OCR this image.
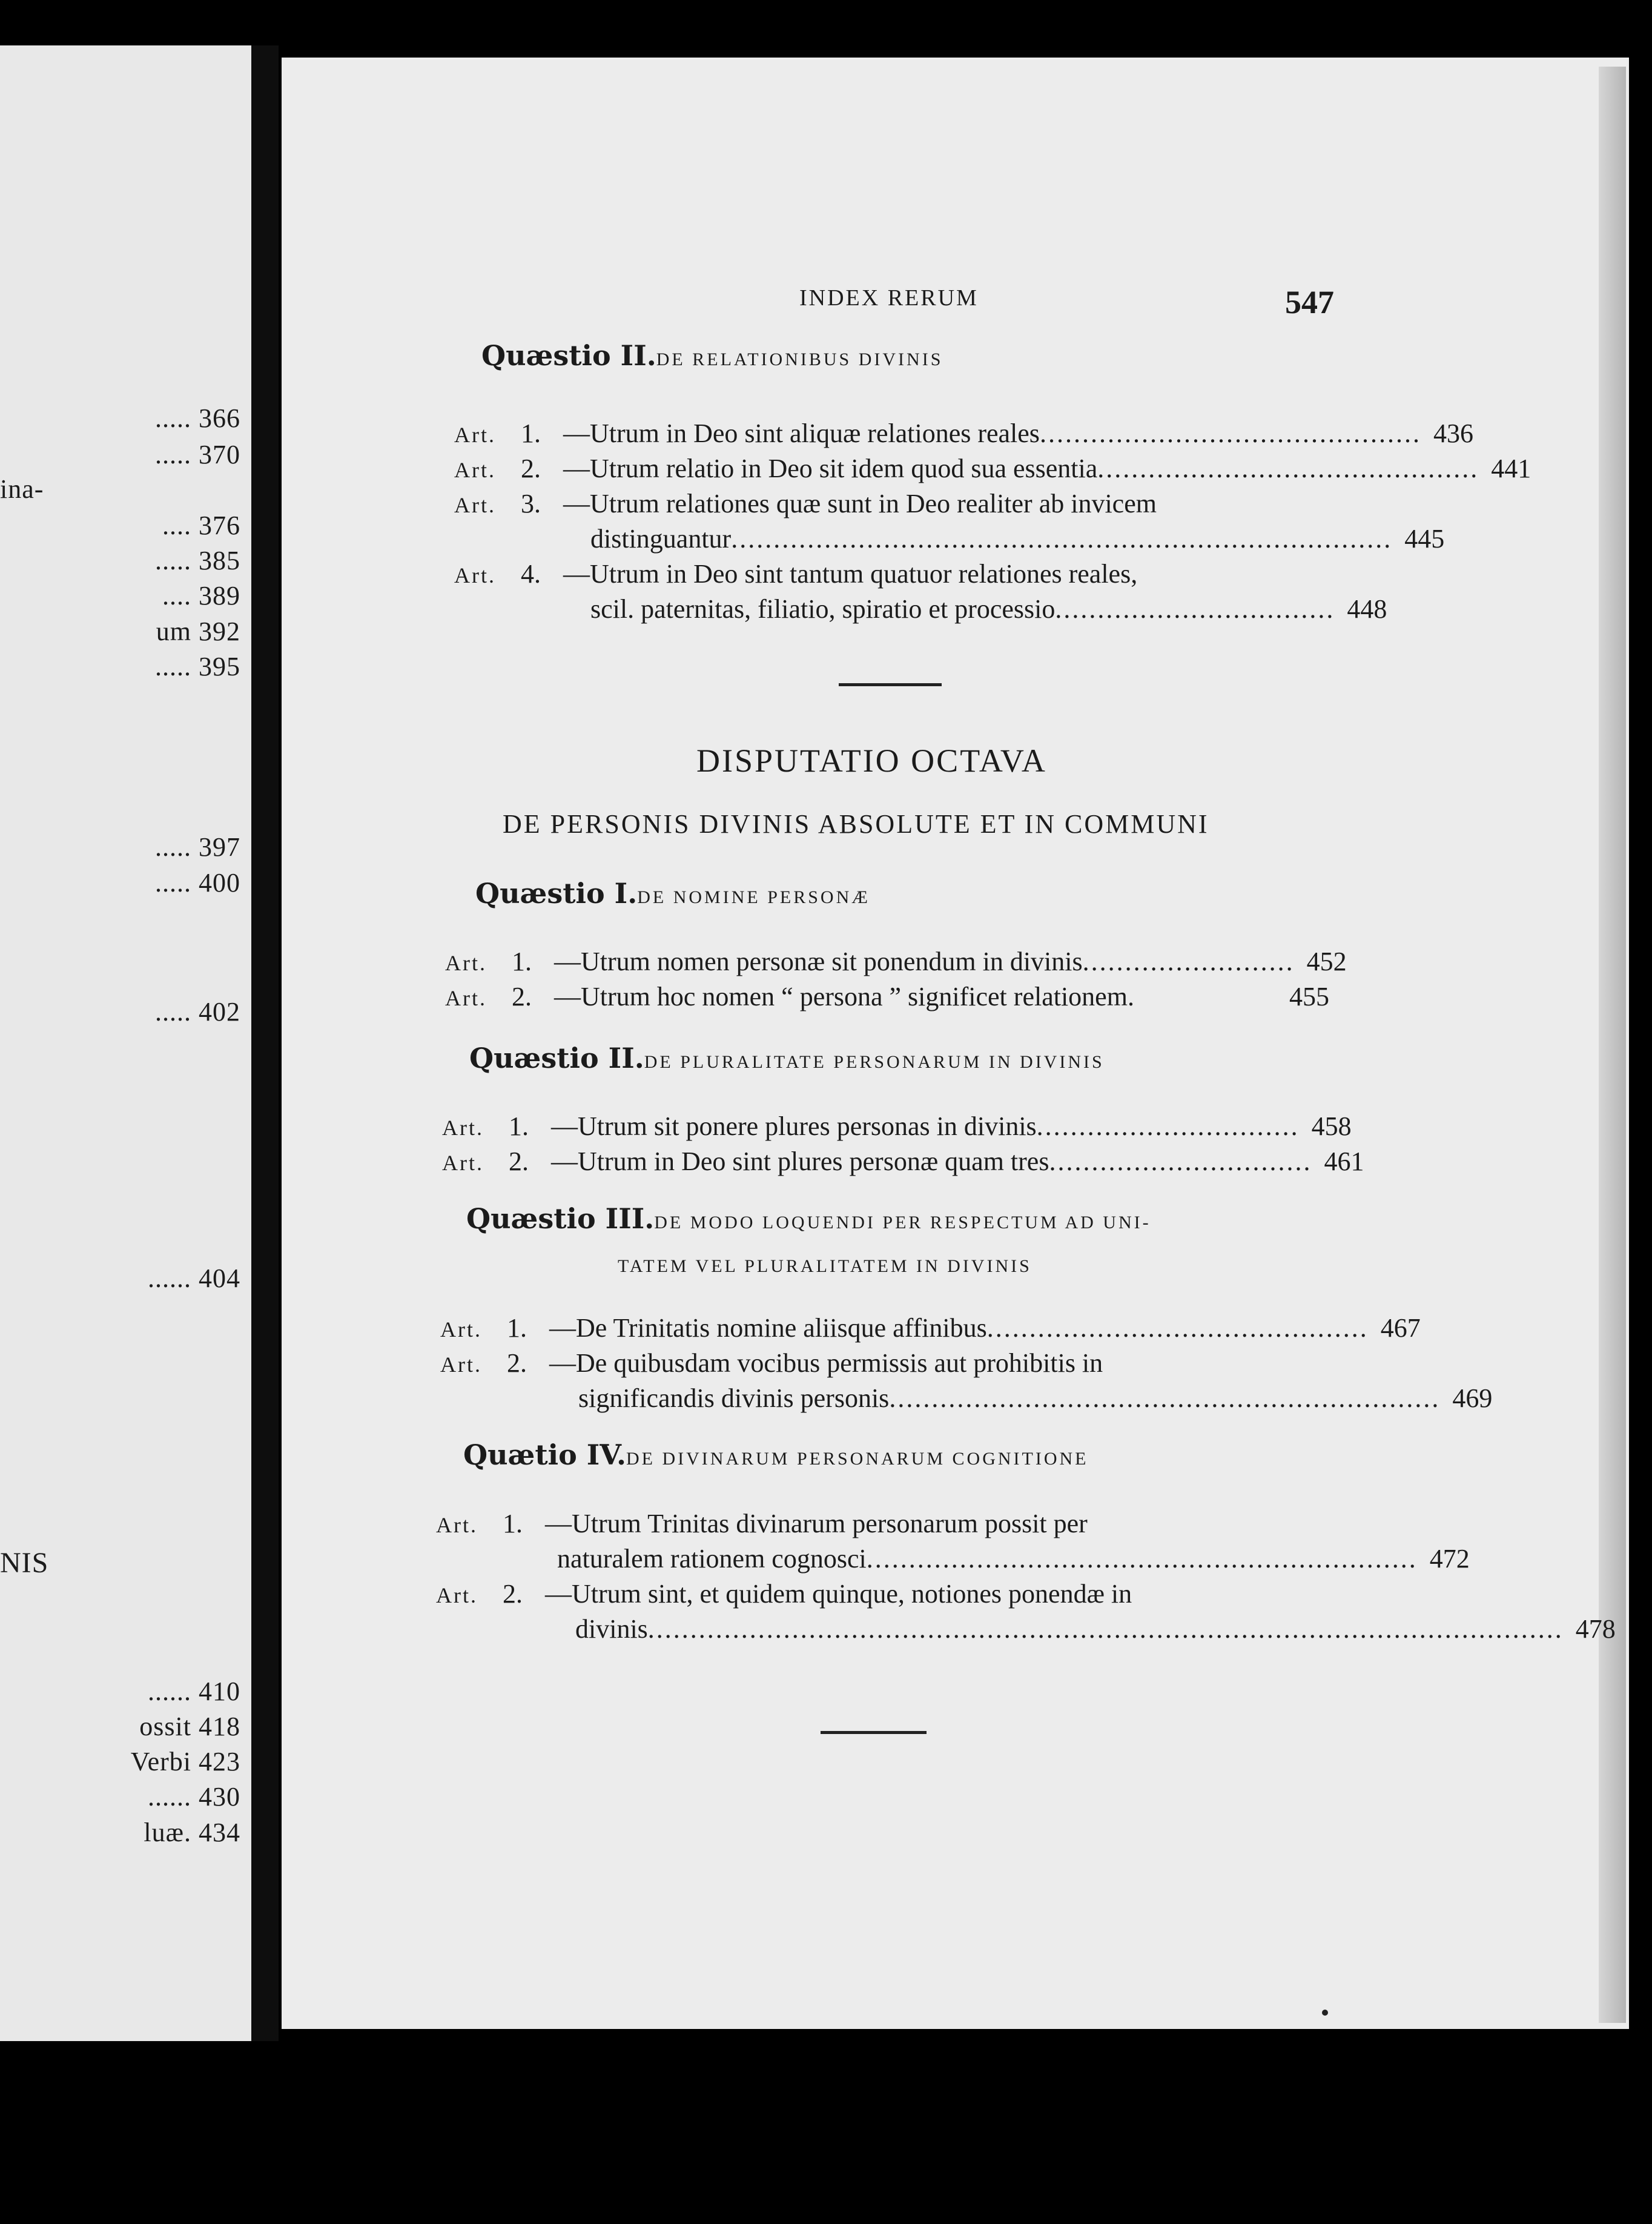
..... 366
..... 370
ina-
.... 376
..... 385
.... 389
um 392
..... 395
..... 397
..... 400
..... 402
...... 404
NIS
...... 410
ossit 418
Verbi 423
...... 430
luæ. 434
INDEX RERUM	547
Quæstio II.DE RELATIONIBUS DIVINIS
Art. 1. —Utrum in Deo sint aliquæ relationes reales ............................................. 436
Art. 2. —Utrum relatio in Deo sit idem quod sua essentia ............................................. 441
Art. 3. —Utrum relationes quæ sunt in Deo realiter ab invicem
distinguantur .............................................................................. 445
Art. 4. —Utrum in Deo sint tantum quatuor relationes reales,
scil. paternitas, filiatio, spiratio et processio ................................. 448
DISPUTATIO OCTAVA
DE PERSONIS DIVINIS ABSOLUTE ET IN COMMUNI
Quæstio I.DE NOMINE PERSONÆ
Art. 1. —Utrum nomen personæ sit ponendum in divinis ......................... 452
Art. 2. —Utrum hoc nomen “ persona ” significet relationem .	455
Quæstio II.DE PLURALITATE PERSONARUM IN DIVINIS
Art. 1. —Utrum sit ponere plures personas in divinis ............................... 458
Art. 2. —Utrum in Deo sint plures personæ quam tres ............................... 461
Quæstio III.DE MODO LOQUENDI PER RESPECTUM AD UNI-
TATEM VEL PLURALITATEM IN DIVINIS
Art. 1. —De Trinitatis nomine aliisque affinibus ............................................. 467
Art. 2. —De quibusdam vocibus permissis aut prohibitis in
significandis divinis personis ................................................................. 469
Quætio IV.DE DIVINARUM PERSONARUM COGNITIONE
Art. 1. —Utrum Trinitas divinarum personarum possit per
naturalem rationem cognosci ................................................................. 472
Art. 2. —Utrum sint, et quidem quinque, notiones ponendæ in
divinis ............................................................................................................ 478
